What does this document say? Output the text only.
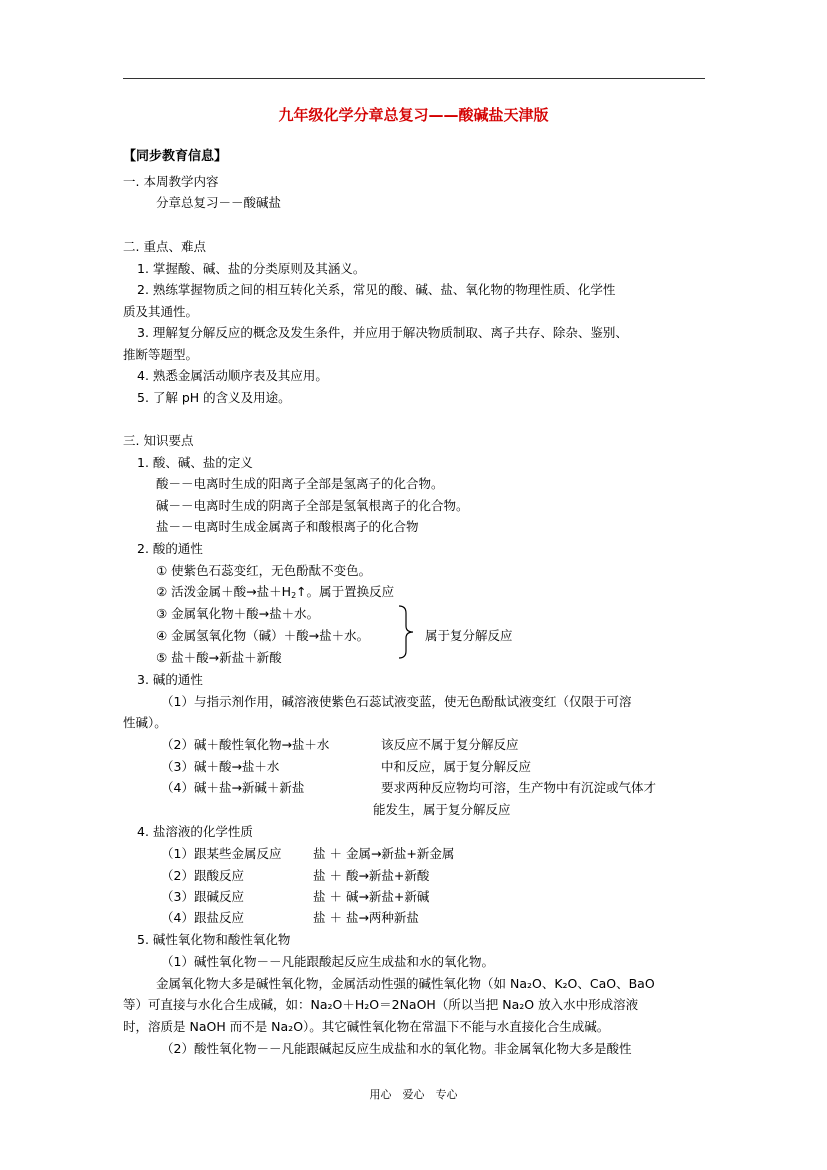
九年级化学分章总复习——酸碱盐天津版
【同步教育信息】
一. 本周教学内容
分章总复习－－酸碱盐
二. 重点、难点
1. 掌握酸、碱、盐的分类原则及其涵义。
2. 熟练掌握物质之间的相互转化关系，常见的酸、碱、盐、氧化物的物理性质、化学性
质及其通性。
3. 理解复分解反应的概念及发生条件，并应用于解决物质制取、离子共存、除杂、鉴别、
推断等题型。
4. 熟悉金属活动顺序表及其应用。
5. 了解 pH 的含义及用途。
三. 知识要点
1. 酸、碱、盐的定义
酸－－电离时生成的阳离子全部是氢离子的化合物。
碱－－电离时生成的阴离子全部是氢氧根离子的化合物。
盐－－电离时生成金属离子和酸根离子的化合物
2. 酸的通性
① 使紫色石蕊变红，无色酚酞不变色。
② 活泼金属＋酸→盐$+H_2↑$。属于置换反应
③ 金属氧化物＋酸→盐＋水。
④ 金属氢氧化物（碱）＋酸→盐＋水。
⑤ 盐＋酸→新盐＋新酸
属于复分解反应
3. 碱的通性
（1）与指示剂作用，碱溶液使紫色石蕊试液变蓝，使无色酚酞试液变红（仅限于可溶
性碱）。
（2）碱＋酸性氧化物→盐＋水	该反应不属于复分解反应
（3）碱＋酸→盐＋水	中和反应，属于复分解反应
（4）碱＋盐→新碱＋新盐	要求两种反应物均可溶，生产物中有沉淀或气体才
能发生，属于复分解反应
4. 盐溶液的化学性质
（1）跟某些金属反应	盐 ＋ 金属→新盐+新金属
（2）跟酸反应	盐 ＋ 酸→新盐+新酸
（3）跟碱反应	盐 ＋ 碱→新盐+新碱
（4）跟盐反应	盐 ＋ 盐→两种新盐
5. 碱性氧化物和酸性氧化物
（1）碱性氧化物－－凡能跟酸起反应生成盐和水的氧化物。
金属氧化物大多是碱性氧化物，金属活动性强的碱性氧化物（如 Na₂O、K₂O、CaO、BaO
等）可直接与水化合生成碱，如：Na₂O＋H₂O＝2NaOH（所以当把 Na₂O 放入水中形成溶液
时，溶质是 NaOH 而不是 Na₂O）。其它碱性氧化物在常温下不能与水直接化合生成碱。
（2）酸性氧化物－－凡能跟碱起反应生成盐和水的氧化物。非金属氧化物大多是酸性
用心　爱心　专心
